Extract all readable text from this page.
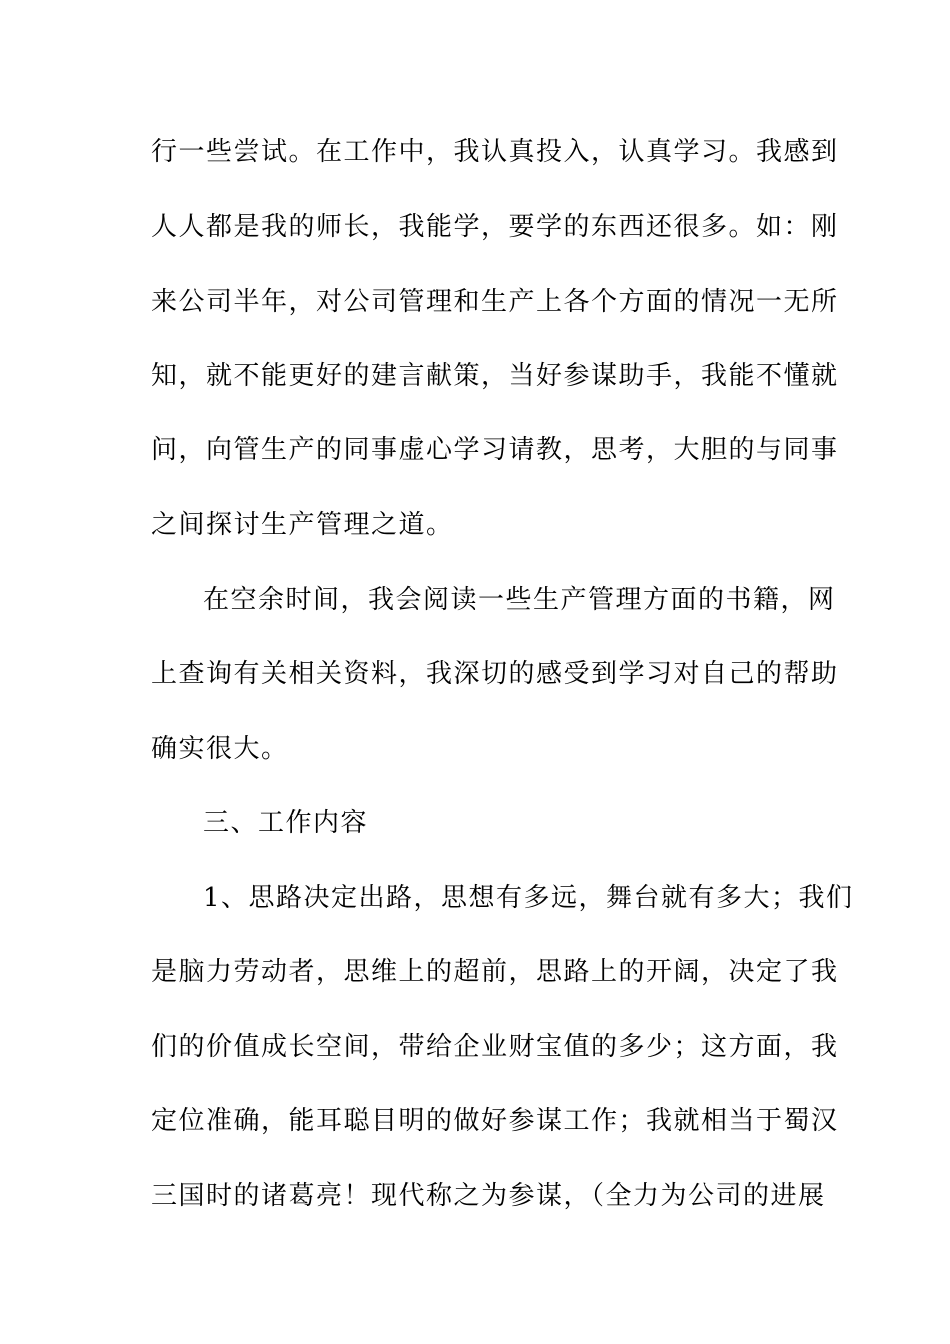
行一些尝试。在工作中，我认真投入，认真学习。我感到
人人都是我的师长，我能学，要学的东西还很多。如：刚
来公司半年，对公司管理和生产上各个方面的情况一无所
知，就不能更好的建言献策，当好参谋助手，我能不懂就
问，向管生产的同事虚心学习请教，思考，大胆的与同事
之间探讨生产管理之道。
在空余时间，我会阅读一些生产管理方面的书籍，网
上查询有关相关资料，我深切的感受到学习对自己的帮助
确实很大。
三、工作内容
1、思路决定出路，思想有多远，舞台就有多大；我们
是脑力劳动者，思维上的超前，思路上的开阔，决定了我
们的价值成长空间，带给企业财宝值的多少；这方面，我
定位准确，能耳聪目明的做好参谋工作；我就相当于蜀汉
三国时的诸葛亮！现代称之为参谋，（全力为公司的进展
